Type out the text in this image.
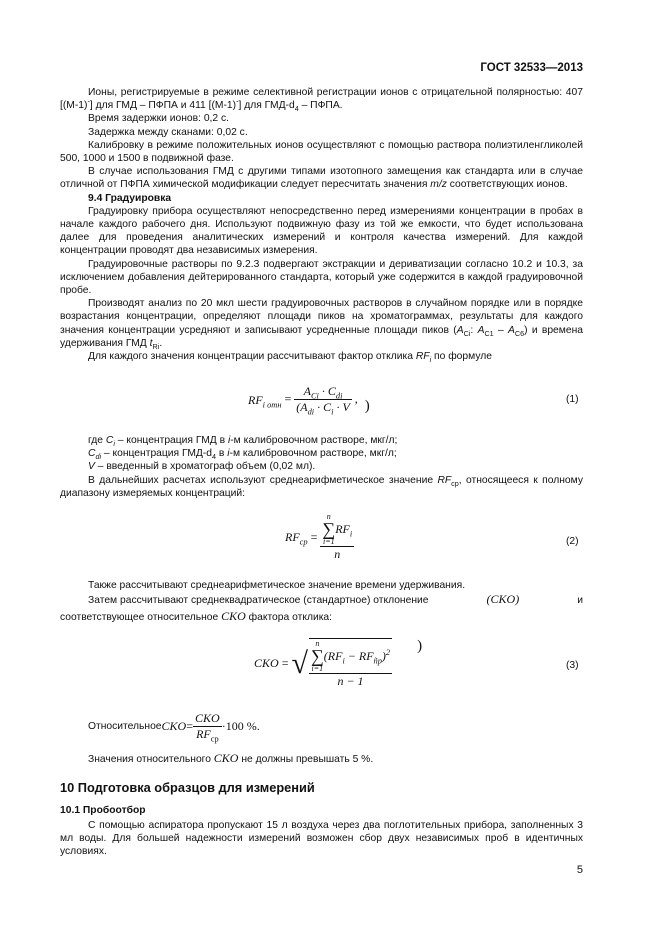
ГОСТ 32533—2013

Ионы, регистрируемые в режиме селективной регистрации ионов с отрицательной полярностью: 407 [(M-1)-] для ГМД – ПФПА и 411 [(M-1)-] для ГМД-$d_4$ – ПФПА.

Время задержки ионов: 0,2 с.

Задержка между сканами: 0,02 с.

Калибровку в режиме положительных ионов осуществляют с помощью раствора полиэтиленгликолей 500, 1000 и 1500 в подвижной фазе.

В случае использования ГМД с другими типами изотопного замещения как стандарта или в случае отличной от ПФПА химической модификации следует пересчитать значения m/z соответствующих ионов.

9.4 Градуировка

Градуировку прибора осуществляют непосредственно перед измерениями концентрации в пробах в начале каждого рабочего дня. Используют подвижную фазу из той же емкости, что будет использована далее для проведения аналитических измерений и контроля качества измерений. Для каждой концентрации проводят два независимых измерения.

Градуировочные растворы по 9.2.3 подвергают экстракции и дериватизации согласно 10.2 и 10.3, за исключением добавления дейтерированного стандарта, который уже содержится в каждой градуировочной пробе.

Производят анализ по 20 мкл шести градуировочных растворов в случайном порядке или в порядке возрастания концентрации, определяют площади пиков на хроматограммах, результаты для каждого значения концентрации усредняют и записывают усредненные площади пиков ($A_{Ci}$: $A_{C1} - A_{C6}$) и времена удерживания ГМД $t_{Ri}$.

Для каждого значения концентрации рассчитывают фактор отклика $RF_i$ по формуле

$RF_{i отн} = \frac{A_{Ci} \cdot C_{di}}{(A_{di} \cdot C_i \cdot V}$ , )	(1)

где $C_i$ – концентрация ГМД в i-м калибровочном растворе, мкг/л;

$C_{di}$ – концентрация ГМД-$d_4$ в i-м калибровочном растворе, мкг/л;

V – введенный в хроматограф объем (0,02 мл).

В дальнейших расчетах используют среднеарифметическое значение $RF_{ср}$, относящееся к полному диапазону измеряемых концентраций:

$RF_{cp} = n$
∑
i=1
$RF_i$
n	(2)

Также рассчитывают среднеарифметическое значение времени удерживания.

Затем рассчитывают среднеквадратическое (стандартное) отклонение	(CKO)	и

соответствующее относительное CKO фактора отклика:

CKO = √ n
∑
i=1
$(RF_i - RF_{ñp})^2$
n − 1 )
(3)
Относительное CKO = $\frac{\text{CKO}}{RF_{ср}} \cdot 100$ %.

Значения относительного CKO не должны превышать 5 %.

10 Подготовка образцов для измерений
10.1 Пробоотбор

С помощью аспиратора пропускают 15 л воздуха через два поглотительных прибора, заполненных 3 мл воды. Для большей надежности измерений возможен сбор двух независимых проб в идентичных условиях.

5
